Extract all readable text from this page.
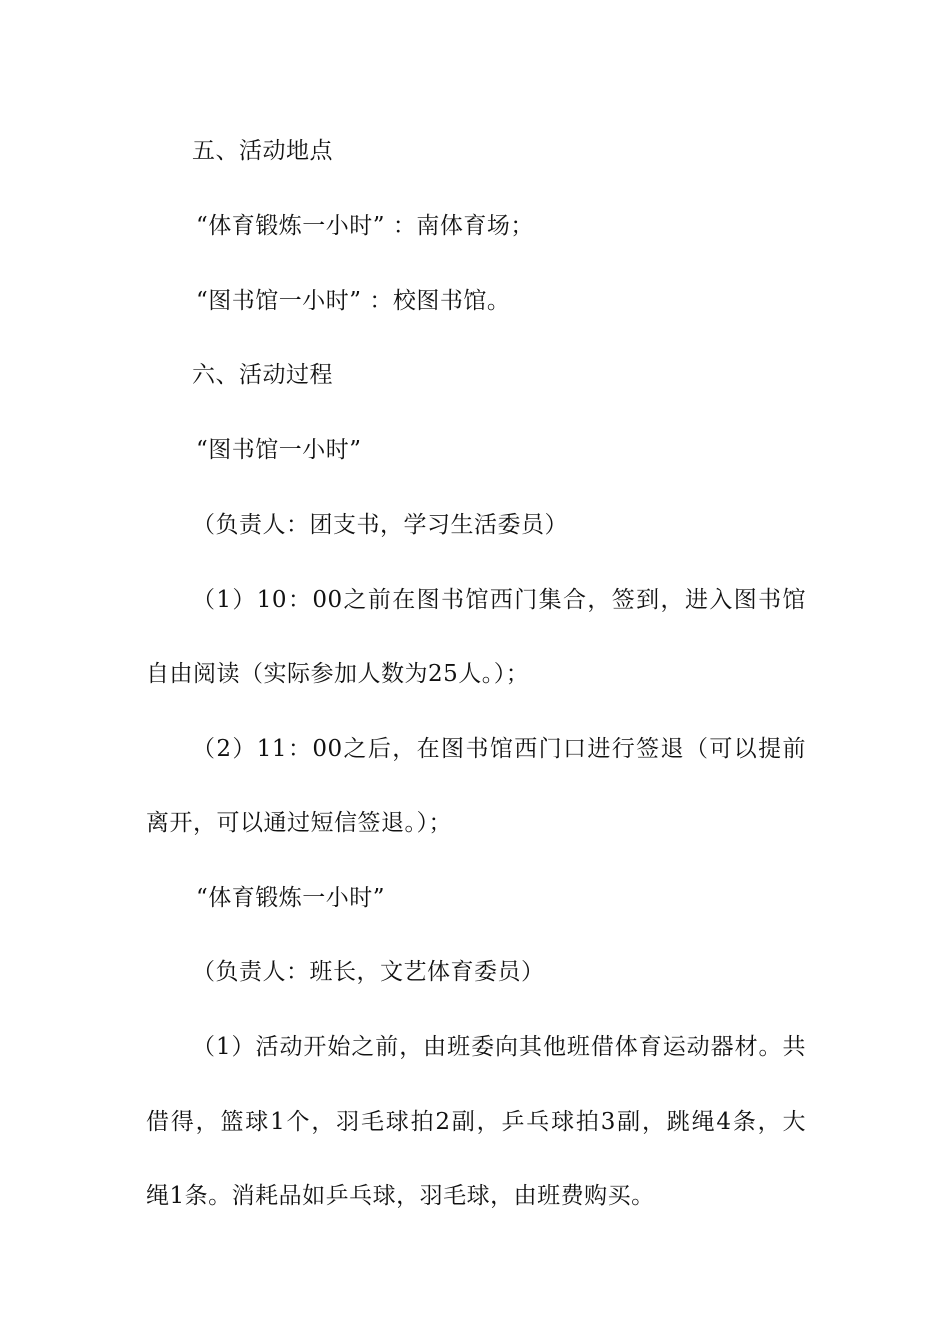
五、活动地点
“体育锻炼一小时” ：南体育场；
“图书馆一小时” ：校图书馆。
六、活动过程
“图书馆一小时”
（负责人：团支书，学习生活委员）
（1）10：00之前在图书馆西门集合，签到，进入图书馆
自由阅读（实际参加人数为25人。）；
（2）11：00之后，在图书馆西门口进行签退（可以提前
离开，可以通过短信签退。）；
“体育锻炼一小时”
（负责人：班长，文艺体育委员）
（1）活动开始之前，由班委向其他班借体育运动器材。共
借得，篮球1个，羽毛球拍2副，乒乓球拍3副，跳绳4条，大
绳1条。消耗品如乒乓球，羽毛球，由班费购买。
